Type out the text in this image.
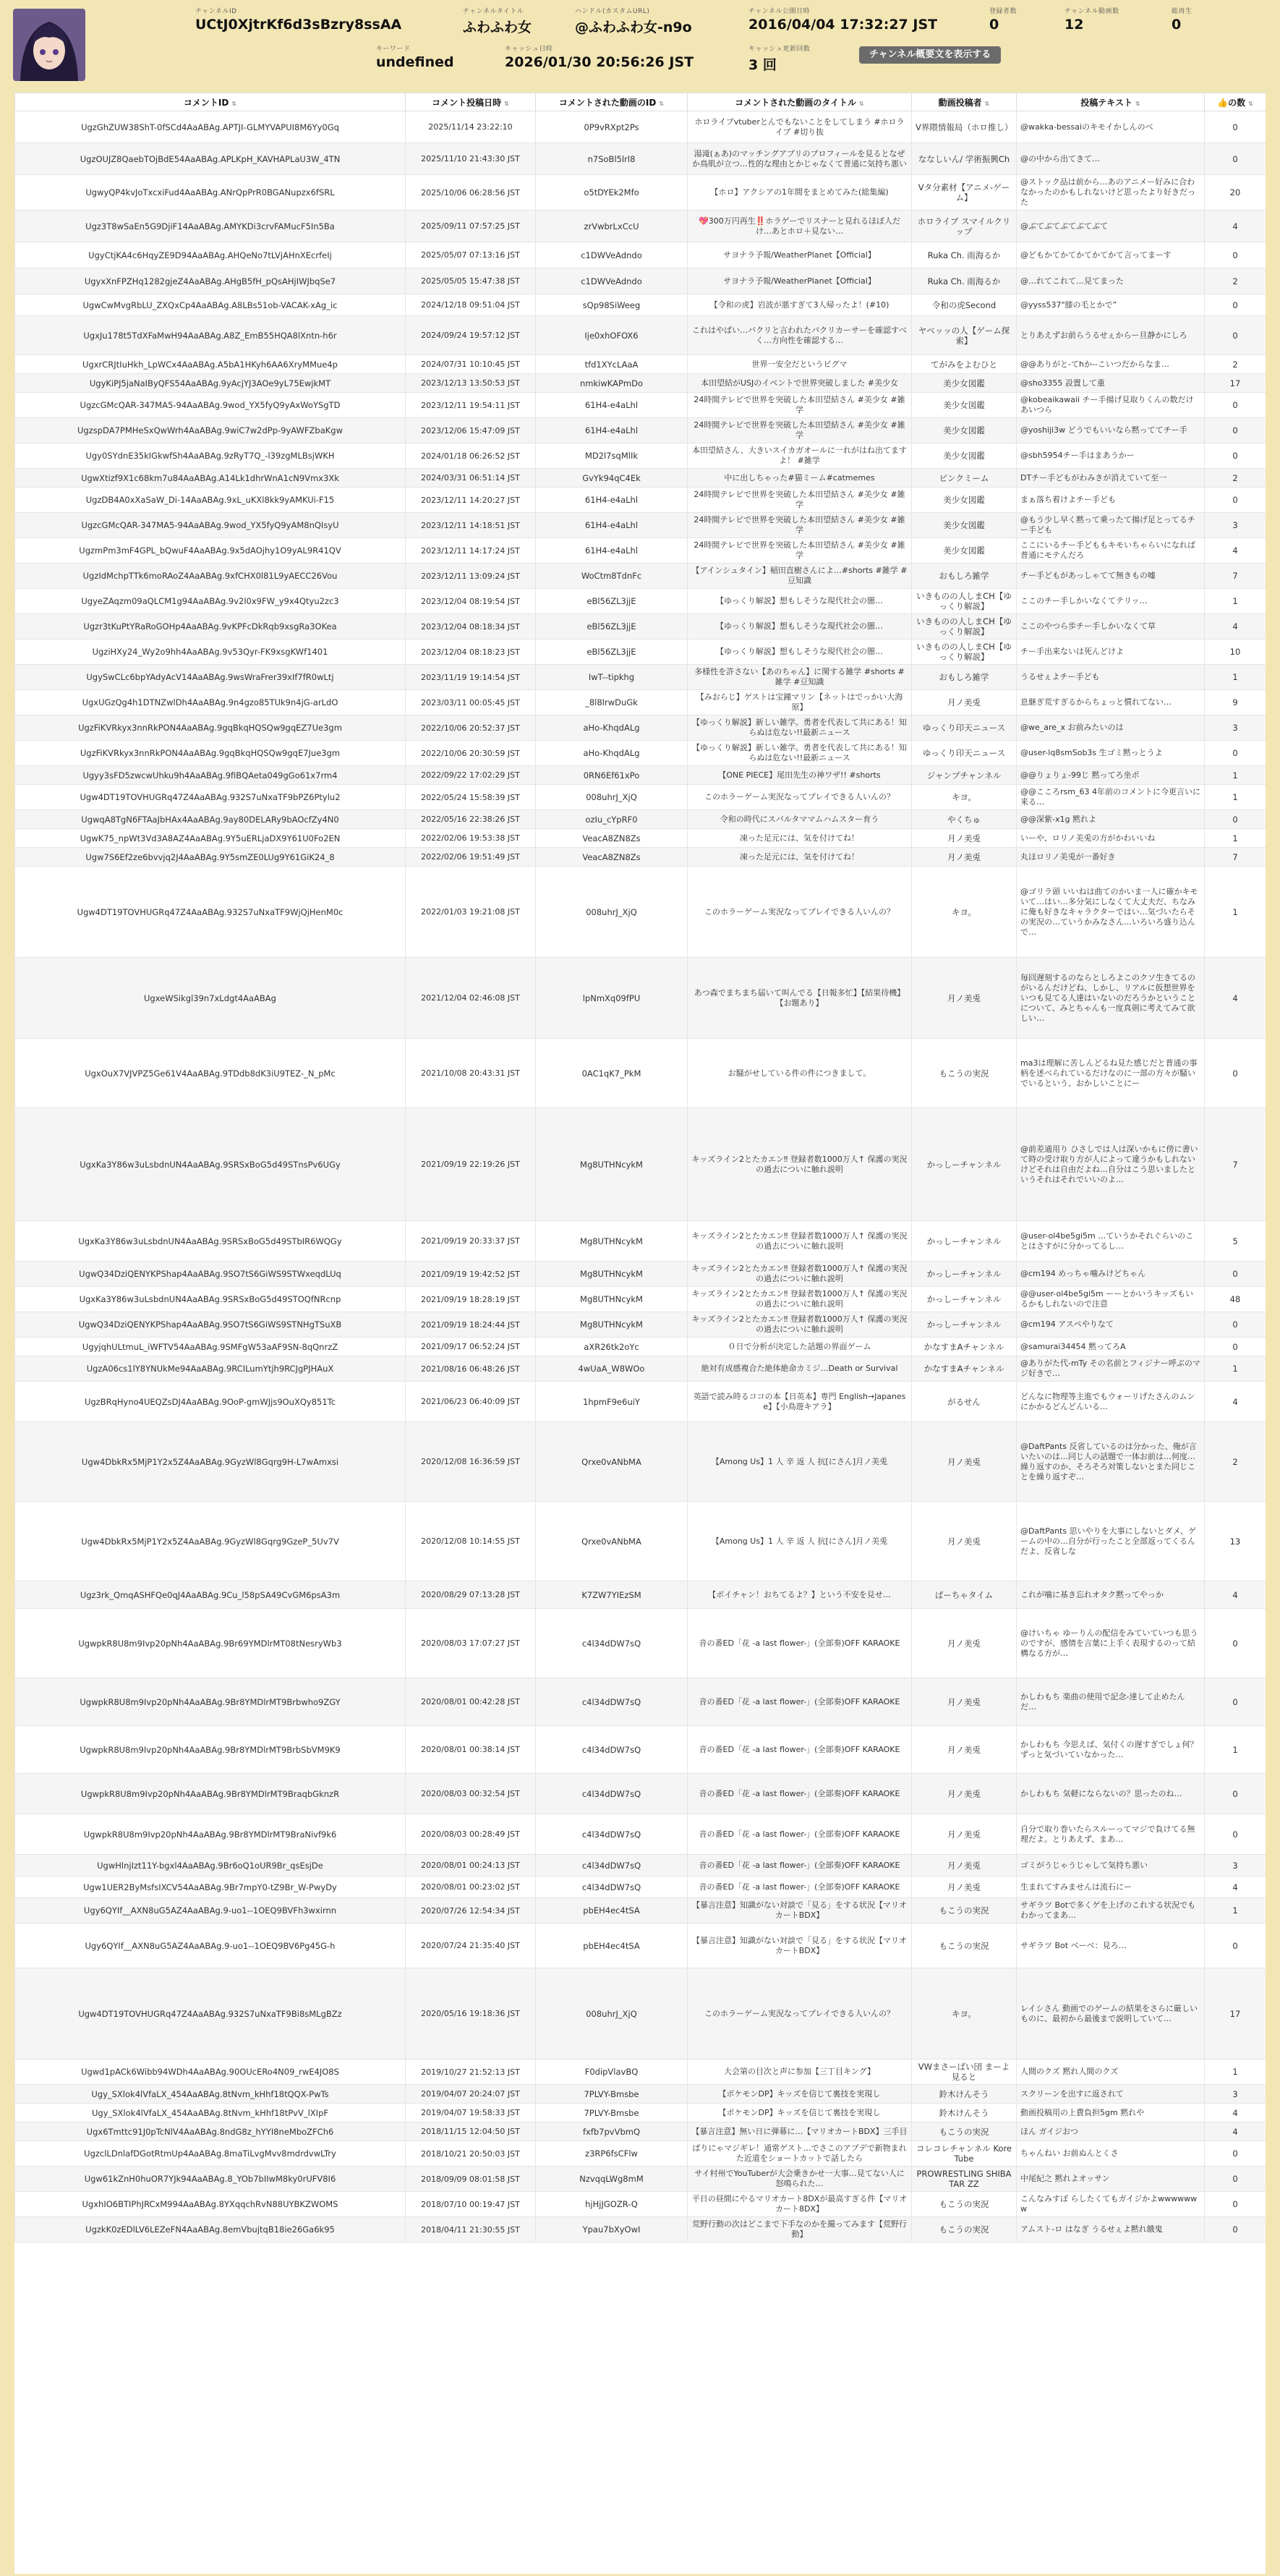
チャンネルID
UCtJ0XjtrKf6d3sBzry8ssAA
チャンネルタイトル
ふわふわ女
ハンドル(カスタムURL)
@ふわふわ女-n9o
チャンネル公開日時
2016/04/04 17:32:27 JST
登録者数
0
チャンネル動画数
12
総再生
0
キーワード
undefined
キャッシュ日時
2026/01/30 20:56:26 JST
キャッシュ更新回数
3 回
チャンネル概要文を表示する
コメントID ⇅	コメント投稿日時 ⇅	コメントされた動画のID ⇅	コメントされた動画のタイトル ⇅	動画投稿者 ⇅	投稿テキスト ⇅	👍の数 ⇅
UgzGhZUW38ShT-0fSCd4AaABAg.APTJI-GLMYVAPUI8M6Yy0Gq	2025/11/14 23:22:10	0P9vRXpt2Ps	ホロライブvtuberとんでもないことをしてしまう #ホロライブ #切り抜	V界隈情報局（ホロ推し）	@wakka-bessaiのキモイかしんのべ	0
UgzOUJZ8QaebTOjBdE54AaABAg.APLKpH_KAVHAPLaU3W_4TN	2025/11/10 21:43:30 JST	n7SoBl5lrl8	湯滝(ぁあ)のマッチングアプリのプロフィールを見るとなぜか鳥肌が立つ…性的な理由とかじゃなくて普通に気持ち悪い	ななしいん/ 学術振興Ch	@の中から出てきて…	0
UgwyQP4kvJoTxcxiFud4AaABAg.ANrQpPrR0BGANupzx6fSRL	2025/10/06 06:28:56 JST	o5tDYEk2Mfo	【ホロ】アクシアの1年間をまとめてみた(総集編)	Vタ分素材【アニメ-ゲーム】	@ストック品は前から…あのアニメー好みに合わなかったのかもしれないけど思ったより好きだった	20
Ugz3T8wSaEn5G9DjiF14AaABAg.AMYKDi3crvFAMucF5In5Ba	2025/09/11 07:57:25 JST	zrVwbrLxCcU	💖300万円再生‼️ホラゲーでリスナーと見れるほぼ人だけ…あとホロ＋見ない…	ホロライブ スマイルクリップ	@ぶてぶてぶてぶてぶて	4
UgyCtjKA4c6HqyZE9D94AaABAg.AHQeNo7tLVjAHnXEcrfeIj	2025/05/07 07:13:16 JST	c1DWVeAdndo	サヨナラ予報/WeatherPlanet【Official】	Ruka Ch. 雨海るか	@どもかてかてかてかてかて言ってまーす	0
UgyxXnFPZHq1282gjeZ4AaABAg.AHgB5fH_pQsAHjIWJbqSe7	2025/05/05 15:47:38 JST	c1DWVeAdndo	サヨナラ予報/WeatherPlanet【Official】	Ruka Ch. 雨海るか	@…れてこれて…見てまった	2
UgwCwMvgRbLU_ZXQxCp4AaABAg.A8LBs51ob-VACAK-xAg_ic	2024/12/18 09:51:04 JST	sQp98SiWeeg	【令和の虎】岩波が悪すぎて3人帰ったよ！(#10)	令和の虎Second	@yyss537"膝の毛とかで”	0
UgxJu178t5TdXFaMwH94AaABAg.A8Z_EmB55HQA8lXntn-h6r	2024/09/24 19:57:12 JST	Ije0xhOFOX6	これはやばい…バクリと言われたパクリカーサーを確認すべく…方向性を確認する…	ヤベッッの人【ゲーム探索】	とりあえずお前らうるせぇからー旦静かにしろ	0
UgxrCRJtIuHkh_LpWCx4AaABAg.A5bA1HKyh6AA6XryMMue4p	2024/07/31 10:10:45 JST	tfd1XYcLAaA	世界一安全だというピグマ	てがみをよむひと	@@ありがと-てhか--こいつだからなま…	2
UgyKiPJ5jaNaIByQFS54AaABAg.9yAcjYJ3AOe9yL75EwjkMT	2023/12/13 13:50:53 JST	nmkiwKAPmDo	本田望結がUSJのイベントで世界突破しました #美少女	美少女図鑑	@sho3355 設置して重	17
UgzcGMcQAR-347MA5-94AaABAg.9wod_YX5fyQ9yAxWoYSgTD	2023/12/11 19:54:11 JST	61H4-e4aLhl	24時間テレビで世界を突破した本田望結さん #美少女 #雑学	美少女図鑑	@kobeaikawaii チー手揚げ見取りくんの数だけあいつら	0
UgzspDA7PMHeSxQwWrh4AaABAg.9wiC7w2dPp-9yAWFZbaKgw	2023/12/06 15:47:09 JST	61H4-e4aLhl	24時間テレビで世界を突破した本田望結さん #美少女 #雑学	美少女図鑑	@yoshiji3w どうでもいいなら黙っててチー手	0
Ugy0SYdnE35kIGkwfSh4AaABAg.9zRyT7Q_-l39zgMLBsjWKH	2024/01/18 06:26:52 JST	MD2l7sqMlIk	本田望結さん、大きいスイカガオールに一れがはね出てますよ！ #雑学	美少女図鑑	@sbh5954チー手はまあうかー	0
UgwXtizf9X1c68km7u84AaABAg.A14Lk1dhrWnA1cN9Vmx3Xk	2024/03/31 06:51:14 JST	GvYk94qC4Ek	中に出しちゃった#猫ミーム#catmemes	ピンクミーム	DTチー手どもがわみきが消えていて至一	2
UgzDB4A0xXaSaW_Di-14AaABAg.9xL_uKXl8kk9yAMKUi-F15	2023/12/11 14:20:27 JST	61H4-e4aLhl	24時間テレビで世界を突破した本田望結さん #美少女 #雑学	美少女図鑑	まぁ落ち着けよチー手ども	0
UgzcGMcQAR-347MA5-94AaABAg.9wod_YX5fyQ9yAM8nQIsyU	2023/12/11 14:18:51 JST	61H4-e4aLhl	24時間テレビで世界を突破した本田望結さん #美少女 #雑学	美少女図鑑	@もう少し早く黙って乗ったて揚げ足とってるチー手ども	3
UgzmPm3mF4GPL_bQwuF4AaABAg.9x5dAOjhy1O9yAL9R41QV	2023/12/11 14:17:24 JST	61H4-e4aLhl	24時間テレビで世界を突破した本田望結さん #美少女 #雑学	美少女図鑑	ここにいるチー手どももキモいちゃらいになれば普通にモテんだろ	4
UgzIdMchpTTk6moRAoZ4AaABAg.9xfCHX0l81L9yAECC26Vou	2023/12/11 13:09:24 JST	WoCtm8TdnFc	【アインシュタイン】稲田直樹さんによ…#shorts #雑学 #豆知識	おもしろ雑学	チー手どもがあっしゃてて無きもの嘘	7
UgyeZAqzm09aQLCM1g94AaABAg.9v2l0x9FW_y9x4Qtyu2zc3	2023/12/04 08:19:54 JST	eBl56ZL3jjE	【ゆっくり解説】想もしそうな現代社会の闇…	いきものの人しまCH【ゆっくり解説】	ここのチー手しかいなくてテリッ…	1
Ugzr3tKuPtYRaRoGOHp4AaABAg.9vKPFcDkRqb9xsgRa3OKea	2023/12/04 08:18:34 JST	eBl56ZL3jjE	【ゆっくり解説】想もしそうな現代社会の闇…	いきものの人しまCH【ゆっくり解説】	ここのやつら歩チー手しかいなくて草	4
UgziHXy24_Wy2o9hh4AaABAg.9v53Qyr-FK9xsgKWf1401	2023/12/04 08:18:23 JST	eBl56ZL3jjE	【ゆっくり解説】想もしそうな現代社会の闇…	いきものの人しまCH【ゆっくり解説】	チー手出来ないは死んどけよ	10
UgySwCLc6bpYAdyAcV14AaABAg.9wsWraFrer39xIf7fR0wLtj	2023/11/19 19:14:54 JST	IwT--tipkhg	多様性を許さない【あのちゃん】に関する雑学 #shorts #雑学 #豆知識	おもしろ雑学	うるせぇよチー手ども	1
UgxUGzQg4h1DTNZwlDh4AaABAg.9n4gzo85TUk9n4jG-arLdO	2023/03/11 00:05:45 JST	_8l8IrwDuGk	【みおらじ】ゲストは宝鐘マリン【ネットはでっかい大海原】	月ノ美兎	息継ぎ荒すぎるからちょっと慣れてない…	9
UgzFiKVRkyx3nnRkPON4AaABAg.9gqBkqHQSQw9gqEZ7Ue3gm	2022/10/06 20:52:37 JST	aHo-KhqdALg	【ゆっくり解説】新しい雑学。勇者を代表して共にある！知らぬは危ない!!最新ニュース	ゆっくり印天ニュース	@we_are_x お前みたいのは	3
UgzFiKVRkyx3nnRkPON4AaABAg.9gqBkqHQSQw9gqE7Jue3gm	2022/10/06 20:30:59 JST	aHo-KhqdALg	【ゆっくり解説】新しい雑学。勇者を代表して共にある！知らぬは危ない!!最新ニュース	ゆっくり印天ニュース	@user-lq8smSob3s 生ゴミ黙っとうよ	0
Ugyy3sFD5zwcwUhku9h4AaABAg.9fiBQAeta049gGo61x7rm4	2022/09/22 17:02:29 JST	0RN6Ef61xPo	【ONE PIECE】尾田先生の神ワザ!! #shorts	ジャンプチャンネル	@@りょりょ-99じ 黙ってろ坐ポ	1
Ugw4DT19TOVHUGRq47Z4AaABAg.932S7uNxaTF9bPZ6Ptylu2	2022/05/24 15:58:39 JST	008uhrJ_XjQ	このホラーゲーム実況なってプレイできる人いんの？	キヨ。	@@こころrsm_63 4年前のコメントに今更言いに来る…	1
UgwqA8TgN6FTAaJbHAx4AaABAg.9ay80DELARy9bAOcfZy4N0	2022/05/16 22:38:26 JST	ozIu_cYpRF0	令和の時代にスバルタママムハムスター育う	やくちゅ	@@深紫-x1g 黙れよ	0
UgwK75_npWt3Vd3A8AZ4AaABAg.9Y5uERLjaDX9Y61U0Fo2EN	2022/02/06 19:53:38 JST	VeacA8ZN8Zs	凍った足元には、気を付けてね！	月ノ美兎	いーや、ロリノ美兎の方がかわいいね	1
Ugw7S6Ef2ze6bvvjq2J4AaABAg.9Y5smZE0LUg9Y61GiK24_8	2022/02/06 19:51:49 JST	VeacA8ZN8Zs	凍った足元には、気を付けてね！	月ノ美兎	丸ほロリノ美兎が一番好き	7
Ugw4DT19TOVHUGRq47Z4AaABAg.932S7uNxaTF9WjQjHenM0c	2022/01/03 19:21:08 JST	008uhrJ_XjQ	このホラーゲーム実況なってプレイできる人いんの？	キヨ。	@ゴリラ頭 いいねは曲てのかいま一人に確かキモいて…はい…多分気にしなくて大丈夫だ、ちなみに俺も好きなキャラクターではい…気づいたらその実況の…ていうかみなさん…いろいろ盛り込んで…	1
UgxeWSikgl39n7xLdgt4AaABAg	2021/12/04 02:46:08 JST	lpNmXq09fPU	あつ森でまちまち届いて叫んでる【日報多忙】【結果待機】【お題あり】	月ノ美兎	毎回遅刻するのならとしろよこのクソ生きてるのがいるんだけどね、しかし、リアルに仮想世界をいつも見てる人達はいないのだろうかということについて、みとちゃんも一度真剣に考えてみて欲しい…	4
UgxOuX7VJVPZ5Ge61V4AaABAg.9TDdb8dK3iU9TEZ-_N_pMc	2021/10/08 20:43:31 JST	0AC1qK7_PkM	お騒がせしている件の件につきまして。	もこうの実況	ma3は理解に苦しんどるね見た感じだと普通の事柄を述べられているだけなのに一部の方々が騒いでいるという、おかしいことにー	0
UgxKa3Y86w3uLsbdnUN4AaABAg.9SRSxBoG5d49STnsPv6UGy	2021/09/19 22:19:26 JST	Mg8UTHNcykM	キッズライン2とたカエン‼ 登録者数1000万人↑ 保護の実況の過去についに触れ説明	かっしーチャンネル	@前差通用り ひさしでは人は深いかもに傍に書いて時の受け取り方が人によって違うかもしれないけどそれは自由だよね…自分はこう思いましたというそれはそれでいいのよ…	7
UgxKa3Y86w3uLsbdnUN4AaABAg.9SRSxBoG5d49STbIR6WQGy	2021/09/19 20:33:37 JST	Mg8UTHNcykM	キッズライン2とたカエン‼ 登録者数1000万人↑ 保護の実況の過去についに触れ説明	かっしーチャンネル	@user-ol4be5gi5m …ていうかそれぐらいのことはさすがに分かってるし…	5
UgwQ34DziQENYKPShap4AaABAg.9SO7tS6GiWS9STWxeqdLUq	2021/09/19 19:42:52 JST	Mg8UTHNcykM	キッズライン2とたカエン‼ 登録者数1000万人↑ 保護の実況の過去についに触れ説明	かっしーチャンネル	@cm194 めっちゃ噛みけどちゃん	0
UgxKa3Y86w3uLsbdnUN4AaABAg.9SRSxBoG5d49STOQfNRcnp	2021/09/19 18:28:19 JST	Mg8UTHNcykM	キッズライン2とたカエン‼ 登録者数1000万人↑ 保護の実況の過去についに触れ説明	かっしーチャンネル	@@user-ol4be5gi5m ーーとかいうキッズもいるかもしれないので注意	48
UgwQ34DziQENYKPShap4AaABAg.9SO7tS6GiWS9STNHgTSuXB	2021/09/19 18:24:44 JST	Mg8UTHNcykM	キッズライン2とたカエン‼ 登録者数1000万人↑ 保護の実況の過去についに触れ説明	かっしーチャンネル	@cm194 アスペやりなて	0
UgyjqhULtmuL_iWFTV54AaABAg.9SMFgW53aAF9SN-8qQnrzZ	2021/09/17 06:52:24 JST	aXR26tk2oYc	０日で分析が決定した話題の界面ゲーム	かなすまAチャンネル	@samurai34454 黙ってろA	0
UgzA06cs1lY8YNUkMe94AaABAg.9RCILumYtjh9RCJgPJHAuX	2021/08/16 06:48:26 JST	4wUaA_W8WOo	絶対有成感複合た絶体絶命カミジ…Death or Survival	かなすまAチャンネル	@ありがた代-mTy その名前とフィジナー呼ぶのマジ好きで…	1
UgzBRqHyno4UEQZsDJ4AaABAg.9OoP-gmWJjs9OuXQy851Tc	2021/06/23 06:40:09 JST	1hpmF9e6uiY	英語で読み時るココの本【日英本】専門 English→Japanese】【小鳥遊キアラ】	がるせん	どんなに物理等主進でもウォーリげたさんのムンにかかるどんどんいる…	4
Ugw4DbkRx5MjP1Y2x5Z4AaABAg.9GyzWl8Gqrg9H-L7wAmxsi	2020/12/08 16:36:59 JST	Qrxe0vANbMA	【Among Us】1 人 辛 返 人 抗[にさん]月ノ美兎	月ノ美兎	@DaftPants 反省しているのは分かった、俺が言いたいのは…同じ人の話題で一体お前は…何度…繰り返すのか、そろそろ対策しないとまた同じことを繰り返すぞ…	2
Ugw4DbkRx5MjP1Y2x5Z4AaABAg.9GyzWl8Gqrg9GzeP_5Uv7V	2020/12/08 10:14:55 JST	Qrxe0vANbMA	【Among Us】1 人 辛 返 人 抗[にさん]月ノ美兎	月ノ美兎	@DaftPants 思いやりを大事にしないとダメ、ゲームの中の…自分が行ったこと全部返ってくるんだよ、反省しな	13
Ugz3rk_QmqASHFQe0qJ4AaABAg.9Cu_l58pSA49CvGM6psA3m	2020/08/29 07:13:28 JST	K7ZW7YIEzSM	【ポイチャン！おちてるよ？】という不安を見せ…	ぱーちゃタイム	これが噛に基き忘れオタク黙ってやっか	4
UgwpkR8U8m9Ivp20pNh4AaABAg.9Br69YMDlrMT08tNesryWb3	2020/08/03 17:07:27 JST	c4l34dDW7sQ	音の番ED「花 -a last flower-」(全部奏)OFF KARAOKE	月ノ美兎	@けいちゃ ゆーりんの配信をみていていつも思うのですが、感情を言葉に上手く表現するのって結構なる方が…	0
UgwpkR8U8m9Ivp20pNh4AaABAg.9Br8YMDlrMT9Brbwho9ZGY	2020/08/01 00:42:28 JST	c4l34dDW7sQ	音の番ED「花 -a last flower-」(全部奏)OFF KARAOKE	月ノ美兎	かしわもち 楽曲の使用で記念-達して止めたんだ…	0
UgwpkR8U8m9Ivp20pNh4AaABAg.9Br8YMDlrMT9BrbSbVM9K9	2020/08/01 00:38:14 JST	c4l34dDW7sQ	音の番ED「花 -a last flower-」(全部奏)OFF KARAOKE	月ノ美兎	かしわもち 今思えば、気付くの遅すぎでしょ何？ずっと気づいていなかった…	1
UgwpkR8U8m9Ivp20pNh4AaABAg.9Br8YMDlrMT9BraqbGknzR	2020/08/03 00:32:54 JST	c4l34dDW7sQ	音の番ED「花 -a last flower-」(全部奏)OFF KARAOKE	月ノ美兎	かしわもち 気軽にならないの？思ったのね…	0
UgwpkR8U8m9Ivp20pNh4AaABAg.9Br8YMDlrMT9BraNivf9k6	2020/08/03 00:28:49 JST	c4l34dDW7sQ	音の番ED「花 -a last flower-」(全部奏)OFF KARAOKE	月ノ美兎	自分で取り巻いたらスルーってマジで負けてる無理だよ。とりあえず、まあ…	0
UgwHlnjIzt11Y-bgxl4AaABAg.9Br6oQ1oUR9Br_qsEsjDe	2020/08/01 00:24:13 JST	c4l34dDW7sQ	音の番ED「花 -a last flower-」(全部奏)OFF KARAOKE	月ノ美兎	ゴミがうじゃうじゃして気持ち悪い	3
Ugw1UER2ByMsfsIXCV54AaABAg.9Br7mpY0-tZ9Br_W-PwyDy	2020/08/01 00:23:02 JST	c4l34dDW7sQ	音の番ED「花 -a last flower-」(全部奏)OFF KARAOKE	月ノ美兎	生まれてすみませんは流石にー	4
Ugy6QYIf__AXN8uG5AZ4AaABAg.9-uo1--1OEQ9BVFh3wxirnn	2020/07/26 12:54:34 JST	pbEH4ec4tSA	【暴言注意】知識がない対談で「見る」をする状況【マリオカートBDX】	もこうの実況	サギラツ Botで多くゲを上げのこれする状況でもわかってまあ…	1
Ugy6QYIf__AXN8uG5AZ4AaABAg.9-uo1--1OEQ9BV6Pg45G-h	2020/07/24 21:35:40 JST	pbEH4ec4tSA	【暴言注意】知識がない対談で「見る」をする状況【マリオカートBDX】	もこうの実況	サギラツ Bot ベーベ：見ろ…	0
Ugw4DT19TOVHUGRq47Z4AaABAg.932S7uNxaTF9Bi8sMLgBZz	2020/05/16 19:18:36 JST	008uhrJ_XjQ	このホラーゲーム実況なってプレイできる人いんの？	キヨ。	レイシさん 動画でのゲームの結果をさらに厳しいものに、最初から最後まで説明していて…	17
Ugwd1pACk6Wibb94WDh4AaABAg.90OUcERo4N09_rwE4JO8S	2019/10/27 21:52:13 JST	F0dipVlavBQ	大会第の目次と声に参加【三丁目キング】	VWまさーばい団 まーよ見ると	人間のクズ 黙れ人間のクズ	1
Ugy_SXlok4lVfaLX_454AaABAg.8tNvm_kHhf18tQQX-PwTs	2019/04/07 20:24:07 JST	7PLVY-Bmsbe	【ポケモンDP】キッズを信じて裏技を実現し	鈴木けんそう	スクリーンを出すに返されて	3
Ugy_SXlok4lVfaLX_454AaABAg.8tNvm_kHhf18tPvV_lXIpF	2019/04/07 19:58:33 JST	7PLVY-Bmsbe	【ポケモンDP】キッズを信じて裏技を実現し	鈴木けんそう	動画投稿用の上費負担5gm 黙れや	4
Ugx6Tmttc91J0pTcNlV4AaABAg.8ndG8z_hYYI8neMboZFCh6	2018/11/15 12:04:50 JST	fxfb7pvVbmQ	【暴言注意】無い日に弾幕に…【マリオカートBDX】三手目	もこうの実況	ほん ガイジおつ	4
UgzclLDnlafDGotRtmUp4AaABAg.8maTiLvgMvv8mdrdvwLTry	2018/10/21 20:50:03 JST	z3RP6fsCFlw	ぱりにゃマジギレ！通常ゲスト…でさこのアプデで新物まれた近道をショートカットで話したら	コレコレチャンネル KoreTube	ちゃんねい お前ぬんとくさ	0
Ugw61kZnH0huOR7YJk94AaABAg.8_YOb7bIIwM8ky0rUFV8I6	2018/09/09 08:01:58 JST	NzvqqLWg8mM	サイ村州でYouTuberが大会乗きかせ一大事…見てない人に怒鳴られた…	PROWRESTLING SHIBATAR ZZ	中尾紀之 黙れよオッサン	0
UgxhIO6BTIPhJRCxM994AaABAg.8YXqqchRvN88UYBKZWOMS	2018/07/10 00:19:47 JST	hjHjJGOZR-Q	平日の昼間にやるマリオカート8DXが最高すぎる件【マリオカート8DX】	もこうの実況	こんなみすぼ らしたくてもガイジかよwwwwwww	0
UgzkK0zEDlLV6LEZeFN4AaABAg.8emVbujtqB18ie26Ga6k95	2018/04/11 21:30:55 JST	Ypau7bXyOwI	荒野行動の次はどこまで下手なのかを撮ってみます【荒野行動】	もこうの実況	アムスト-ロ はなぎ うるせぇよ黙れ餓鬼	0
